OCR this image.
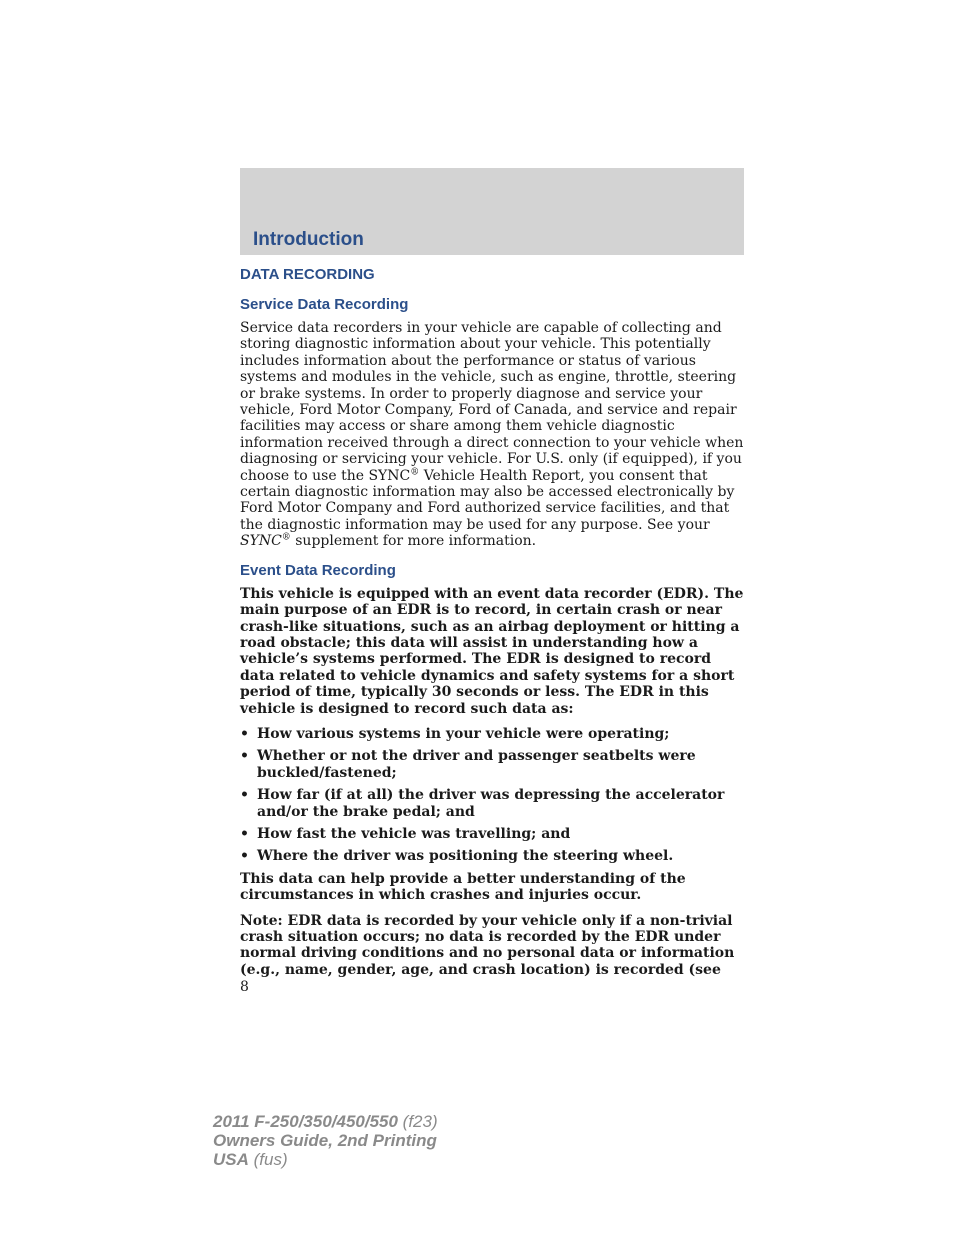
Introduction
DATA RECORDING
Service Data Recording

Service data recorders in your vehicle are capable of collecting and storing diagnostic information about your vehicle. This potentially includes information about the performance or status of various systems and modules in the vehicle, such as engine, throttle, steering or brake systems. In order to properly diagnose and service your vehicle, Ford Motor Company, Ford of Canada, and service and repair facilities may access or share among them vehicle diagnostic information received through a direct connection to your vehicle when diagnosing or servicing your vehicle. For U.S. only (if equipped), if you choose to use the SYNC® Vehicle Health Report, you consent that certain diagnostic information may also be accessed electronically by Ford Motor Company and Ford authorized service facilities, and that the diagnostic information may be used for any purpose. See your SYNC® supplement for more information.

Event Data Recording

This vehicle is equipped with an event data recorder (EDR). The main purpose of an EDR is to record, in certain crash or near crash-like situations, such as an airbag deployment or hitting a road obstacle; this data will assist in understanding how a vehicle’s systems performed. The EDR is designed to record data related to vehicle dynamics and safety systems for a short period of time, typically 30 seconds or less. The EDR in this vehicle is designed to record such data as:

• How various systems in your vehicle were operating;
• Whether or not the driver and passenger seatbelts were buckled/fastened;
• How far (if at all) the driver was depressing the accelerator and/or the brake pedal; and
• How fast the vehicle was travelling; and
• Where the driver was positioning the steering wheel.

This data can help provide a better understanding of the circumstances in which crashes and injuries occur.

Note: EDR data is recorded by your vehicle only if a non-trivial crash situation occurs; no data is recorded by the EDR under normal driving conditions and no personal data or information (e.g., name, gender, age, and crash location) is recorded (see

8
2011 F-250/350/450/550 (f23)
Owners Guide, 2nd Printing
USA (fus)
